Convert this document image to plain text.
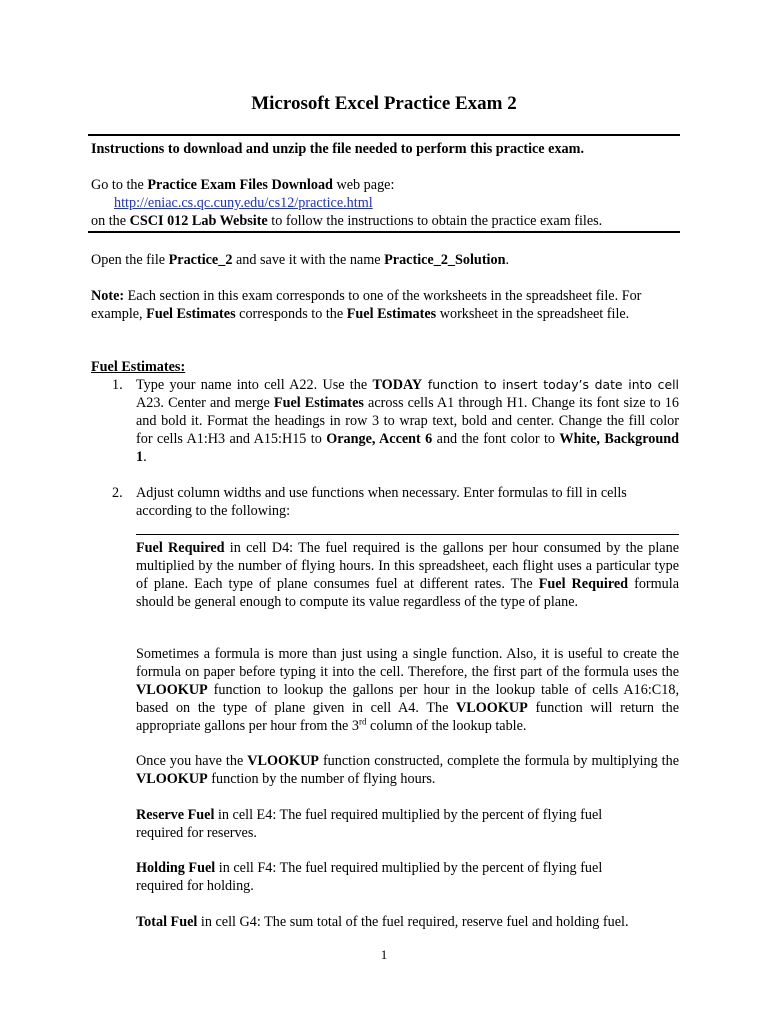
Microsoft Excel Practice Exam 2
Instructions to download and unzip the file needed to perform this practice exam.
Go to the Practice Exam Files Download web page:
http://eniac.cs.qc.cuny.edu/cs12/practice.html
on the CSCI 012 Lab Website to follow the instructions to obtain the practice exam files.
Open the file Practice_2 and save it with the name Practice_2_Solution.
Note: Each section in this exam corresponds to one of the worksheets in the spreadsheet file. For example, Fuel Estimates corresponds to the Fuel Estimates worksheet in the spreadsheet file.
Fuel Estimates:
1. Type your name into cell A22. Use the TODAY function to insert today’s date into cell A23. Center and merge Fuel Estimates across cells A1 through H1. Change its font size to 16 and bold it. Format the headings in row 3 to wrap text, bold and center. Change the fill color for cells A1:H3 and A15:H15 to Orange, Accent 6 and the font color to White, Background 1.
2. Adjust column widths and use functions when necessary. Enter formulas to fill in cells according to the following:
Fuel Required in cell D4: The fuel required is the gallons per hour consumed by the plane multiplied by the number of flying hours. In this spreadsheet, each flight uses a particular type of plane. Each type of plane consumes fuel at different rates. The Fuel Required formula should be general enough to compute its value regardless of the type of plane.
Sometimes a formula is more than just using a single function. Also, it is useful to create the formula on paper before typing it into the cell. Therefore, the first part of the formula uses the VLOOKUP function to lookup the gallons per hour in the lookup table of cells A16:C18, based on the type of plane given in cell A4. The VLOOKUP function will return the appropriate gallons per hour from the 3rd column of the lookup table.
Once you have the VLOOKUP function constructed, complete the formula by multiplying the VLOOKUP function by the number of flying hours.
Reserve Fuel in cell E4: The fuel required multiplied by the percent of flying fuel required for reserves.
Holding Fuel in cell F4: The fuel required multiplied by the percent of flying fuel required for holding.
Total Fuel in cell G4: The sum total of the fuel required, reserve fuel and holding fuel.
1
